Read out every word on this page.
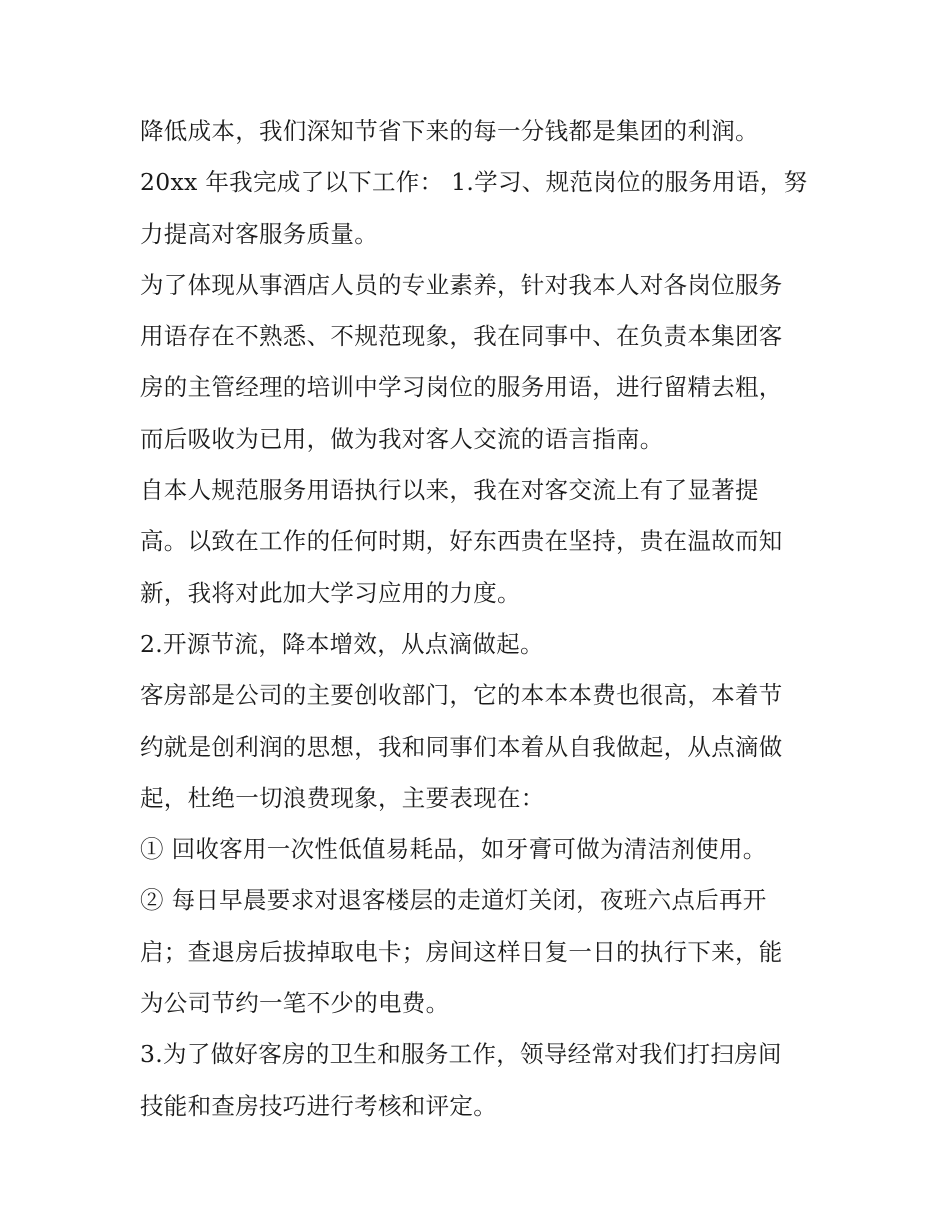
降低成本，我们深知节省下来的每一分钱都是集团的利润。
20xx 年我完成了以下工作： 1.学习、规范岗位的服务用语，努
力提高对客服务质量。
为了体现从事酒店人员的专业素养，针对我本人对各岗位服务
用语存在不熟悉、不规范现象，我在同事中、在负责本集团客
房的主管经理的培训中学习岗位的服务用语，进行留精去粗，
而后吸收为已用，做为我对客人交流的语言指南。
自本人规范服务用语执行以来，我在对客交流上有了显著提
高。以致在工作的任何时期，好东西贵在坚持，贵在温故而知
新，我将对此加大学习应用的力度。
2.开源节流，降本增效，从点滴做起。
客房部是公司的主要创收部门，它的本本本费也很高，本着节
约就是创利润的思想，我和同事们本着从自我做起，从点滴做
起，杜绝一切浪费现象，主要表现在：
① 回收客用一次性低值易耗品，如牙膏可做为清洁剂使用。
② 每日早晨要求对退客楼层的走道灯关闭，夜班六点后再开
启；查退房后拔掉取电卡；房间这样日复一日的执行下来，能
为公司节约一笔不少的电费。
3.为了做好客房的卫生和服务工作，领导经常对我们打扫房间
技能和查房技巧进行考核和评定。
